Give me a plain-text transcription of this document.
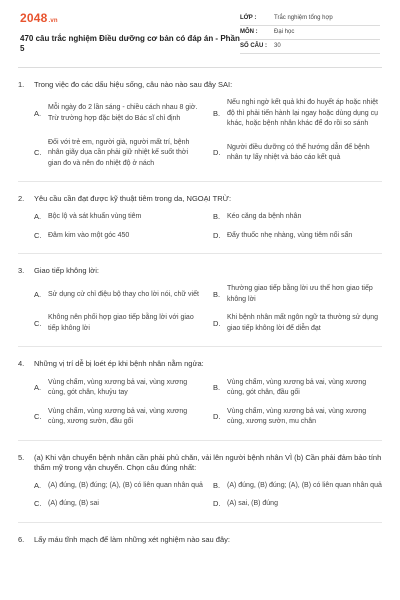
2048.vn
470 câu trắc nghiệm Điều dưỡng cơ bản có đáp án - Phần 5
LỚP :	Trắc nghiệm tổng hợp
MÔN :	Đại học
SỐ CÂU :	30
1.	Trong việc đo các dấu hiệu sống, câu nào nào sau đây SAI:
A.
Mỗi ngày đo 2 lần sáng - chiều cách nhau 8 giờ. Trừ trường hợp đặc biệt do Bác sĩ chỉ định
B.
Nếu nghi ngờ kết quả khi đo huyết áp hoặc nhiệt độ thì phải tiến hành lại ngay hoặc dùng dụng cụ khác, hoặc bệnh nhân khác để đo rồi so sánh
C.
Đối với trẻ em, người già, người mất trí, bệnh nhân giãy dụa cần phải giữ nhiệt kế suốt thời gian đo và nên đo nhiệt độ ở nách
D.
Người điều dưỡng có thể hướng dẫn để bệnh nhân tự lấy nhiệt và báo cáo kết quả
2.	Yêu cầu cần đạt được kỹ thuật tiêm trong da, NGOẠI TRỪ:
A. Bộc lộ và sát khuẩn vùng tiêm	B. Kéo căng da bệnh nhân
C. Đâm kim vào một góc 450	D. Đẩy thuốc nhẹ nhàng, vùng tiêm nổi sẩn
3.	Giao tiếp không lời:
A. Sử dụng cử chỉ điệu bộ thay cho lời nói, chữ viết	B.
Thường giao tiếp bằng lời ưu thế hơn giao tiếp không lời
C.
Không nên phối hợp giao tiếp bằng lời với giao tiếp không lời
D.
Khi bệnh nhân mất ngôn ngữ ta thường sử dụng giao tiếp không lời để diễn đạt
4.	Những vị trí dễ bị loét ép khi bệnh nhân nằm ngửa:
A.
Vùng chẩm, vùng xương bả vai, vùng xương cùng, gót chân, khuỷu tay
B.
Vùng chẩm, vùng xương bả vai, vùng xương cùng, gót chân, đầu gối
C.
Vùng chẩm, vùng xương bả vai, vùng xương cùng, xương sườn, đầu gối
D.
Vùng chẩm, vùng xương bả vai, vùng xương cùng, xương sườn, mu chân
5.	(a) Khi vận chuyển bệnh nhân cần phải phủ chăn, vải lên người bệnh nhân VÌ (b) Cần phải đảm bảo tính thẩm mỹ trong vận chuyển. Chọn câu đúng nhất:
A. (A) đúng, (B) đúng; (A), (B) có liên quan nhân quả B. (A) đúng, (B) đúng; (A), (B) có liên quan nhân quả
C. (A) đúng, (B) sai	D. (A) sai, (B) đúng
6.	Lấy máu tĩnh mạch để làm những xét nghiệm nào sau đây:
